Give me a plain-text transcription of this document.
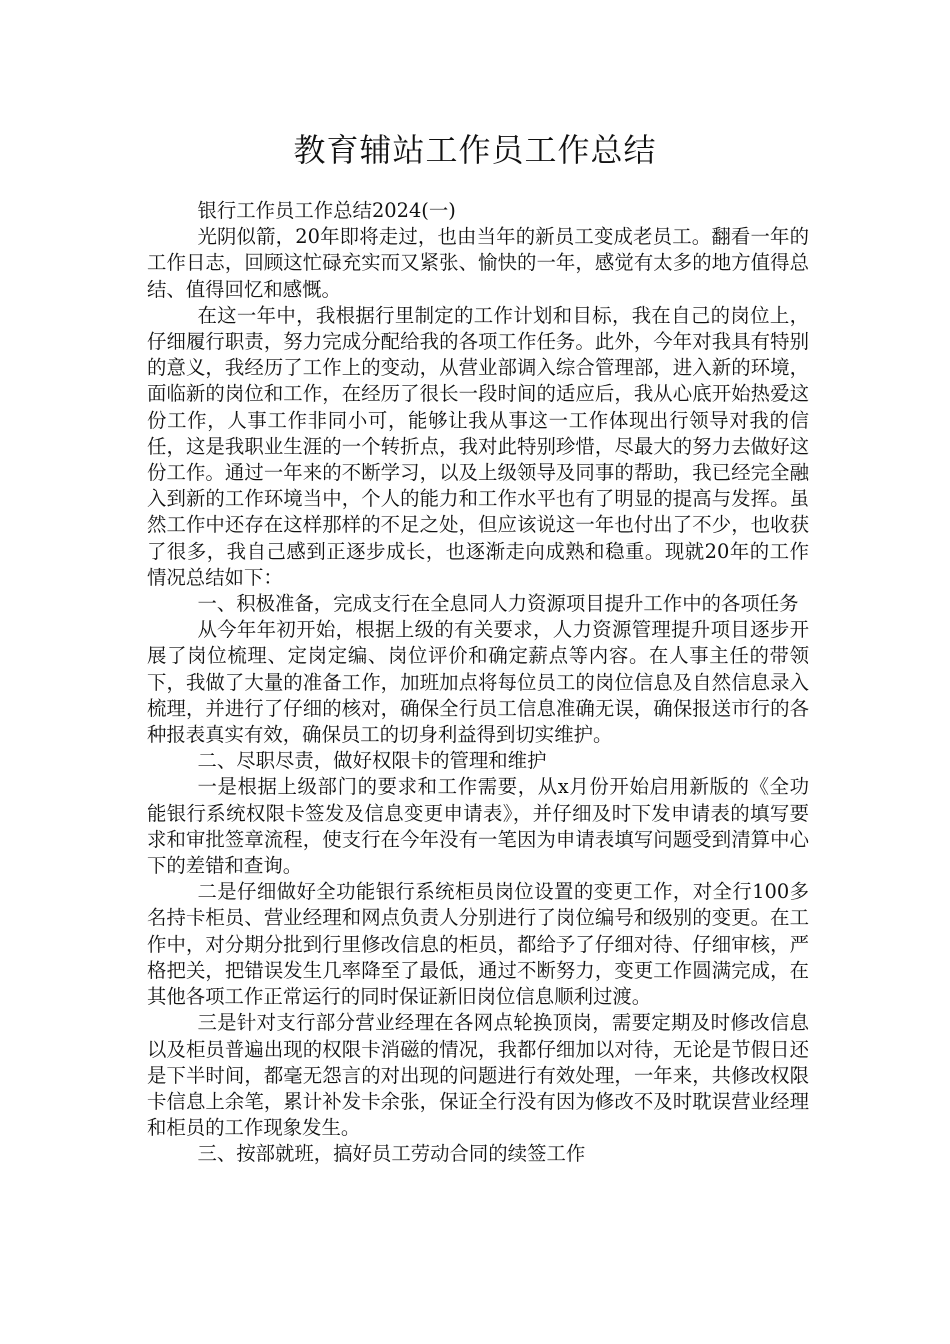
教育辅站工作员工作总结

银行工作员工作总结2024(一)

光阴似箭，20年即将走过，也由当年的新员工变成老员工。翻看一年的工作日志，回顾这忙碌充实而又紧张、愉快的一年，感觉有太多的地方值得总结、值得回忆和感慨。

在这一年中，我根据行里制定的工作计划和目标，我在自己的岗位上，仔细履行职责，努力完成分配给我的各项工作任务。此外，今年对我具有特别的意义，我经历了工作上的变动，从营业部调入综合管理部，进入新的环境，面临新的岗位和工作，在经历了很长一段时间的适应后，我从心底开始热爱这份工作，人事工作非同小可，能够让我从事这一工作体现出行领导对我的信任，这是我职业生涯的一个转折点，我对此特别珍惜，尽最大的努力去做好这份工作。通过一年来的不断学习，以及上级领导及同事的帮助，我已经完全融入到新的工作环境当中，个人的能力和工作水平也有了明显的提高与发挥。虽然工作中还存在这样那样的不足之处，但应该说这一年也付出了不少，也收获了很多，我自己感到正逐步成长，也逐渐走向成熟和稳重。现就20年的工作情况总结如下：

一、积极准备，完成支行在全息同人力资源项目提升工作中的各项任务

从今年年初开始，根据上级的有关要求，人力资源管理提升项目逐步开展了岗位梳理、定岗定编、岗位评价和确定薪点等内容。在人事主任的带领下，我做了大量的准备工作，加班加点将每位员工的岗位信息及自然信息录入梳理，并进行了仔细的核对，确保全行员工信息准确无误，确保报送市行的各种报表真实有效，确保员工的切身利益得到切实维护。

二、尽职尽责，做好权限卡的管理和维护

一是根据上级部门的要求和工作需要，从x月份开始启用新版的《全功能银行系统权限卡签发及信息变更申请表》，并仔细及时下发申请表的填写要求和审批签章流程，使支行在今年没有一笔因为申请表填写问题受到清算中心下的差错和查询。

二是仔细做好全功能银行系统柜员岗位设置的变更工作，对全行100多名持卡柜员、营业经理和网点负责人分别进行了岗位编号和级别的变更。在工作中，对分期分批到行里修改信息的柜员，都给予了仔细对待、仔细审核，严格把关，把错误发生几率降至了最低，通过不断努力，变更工作圆满完成，在其他各项工作正常运行的同时保证新旧岗位信息顺利过渡。

三是针对支行部分营业经理在各网点轮换顶岗，需要定期及时修改信息以及柜员普遍出现的权限卡消磁的情况，我都仔细加以对待，无论是节假日还是下半时间，都毫无怨言的对出现的问题进行有效处理，一年来，共修改权限卡信息上余笔，累计补发卡余张，保证全行没有因为修改不及时耽误营业经理和柜员的工作现象发生。

三、按部就班，搞好员工劳动合同的续签工作
